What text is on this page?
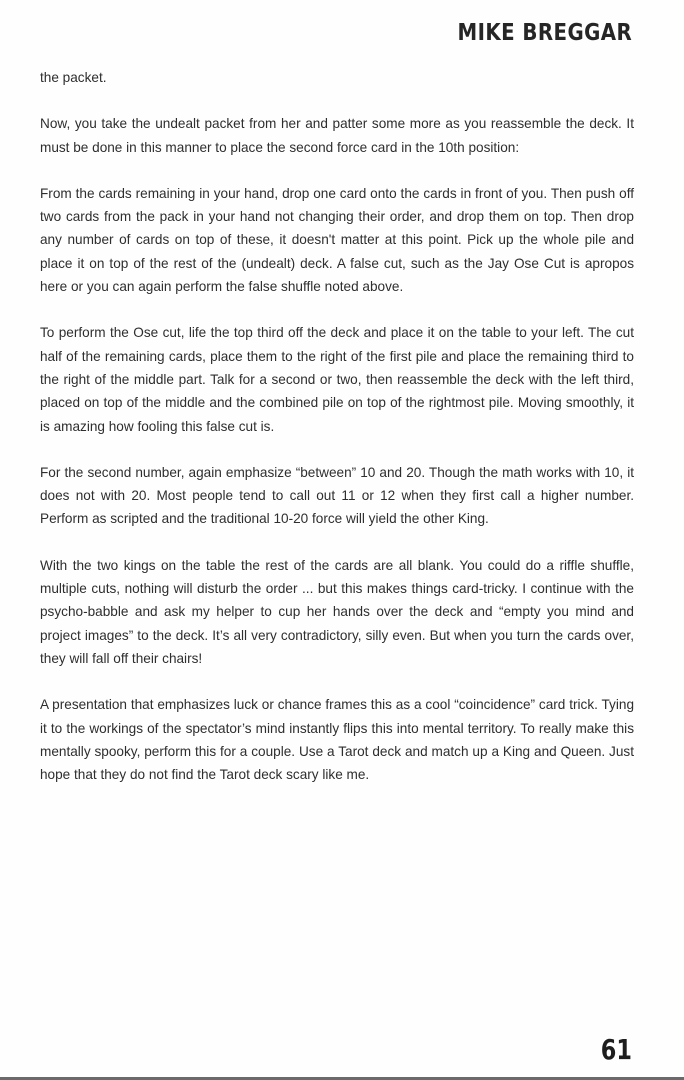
MIKE BREGGAR

the packet.

Now, you take the undealt packet from her and patter some more as you reassemble the deck. It must be done in this manner to place the second force card in the 10th position:

From the cards remaining in your hand, drop one card onto the cards in front of you. Then push off two cards from the pack in your hand not changing their order, and drop them on top. Then drop any number of cards on top of these, it doesn't matter at this point. Pick up the whole pile and place it on top of the rest of the (undealt) deck. A false cut, such as the Jay Ose Cut is apropos here or you can again perform the false shuffle noted above.

To perform the Ose cut, life the top third off the deck and place it on the table to your left. The cut half of the remaining cards, place them to the right of the first pile and place the remaining third to the right of the middle part. Talk for a second or two, then reassemble the deck with the left third, placed on top of the middle and the combined pile on top of the rightmost pile. Moving smoothly, it is amazing how fooling this false cut is.

For the second number, again emphasize “between” 10 and 20. Though the math works with 10, it does not with 20. Most people tend to call out 11 or 12 when they first call a higher number. Perform as scripted and the traditional 10-20 force will yield the other King.

With the two kings on the table the rest of the cards are all blank. You could do a riffle shuffle, multiple cuts, nothing will disturb the order ... but this makes things card-tricky. I continue with the psycho-babble and ask my helper to cup her hands over the deck and “empty you mind and project images” to the deck. It’s all very contradictory, silly even. But when you turn the cards over, they will fall off their chairs!

A presentation that emphasizes luck or chance frames this as a cool “coincidence” card trick. Tying it to the workings of the spectator’s mind instantly flips this into mental territory. To really make this mentally spooky, perform this for a couple. Use a Tarot deck and match up a King and Queen. Just hope that they do not find the Tarot deck scary like me.

61
